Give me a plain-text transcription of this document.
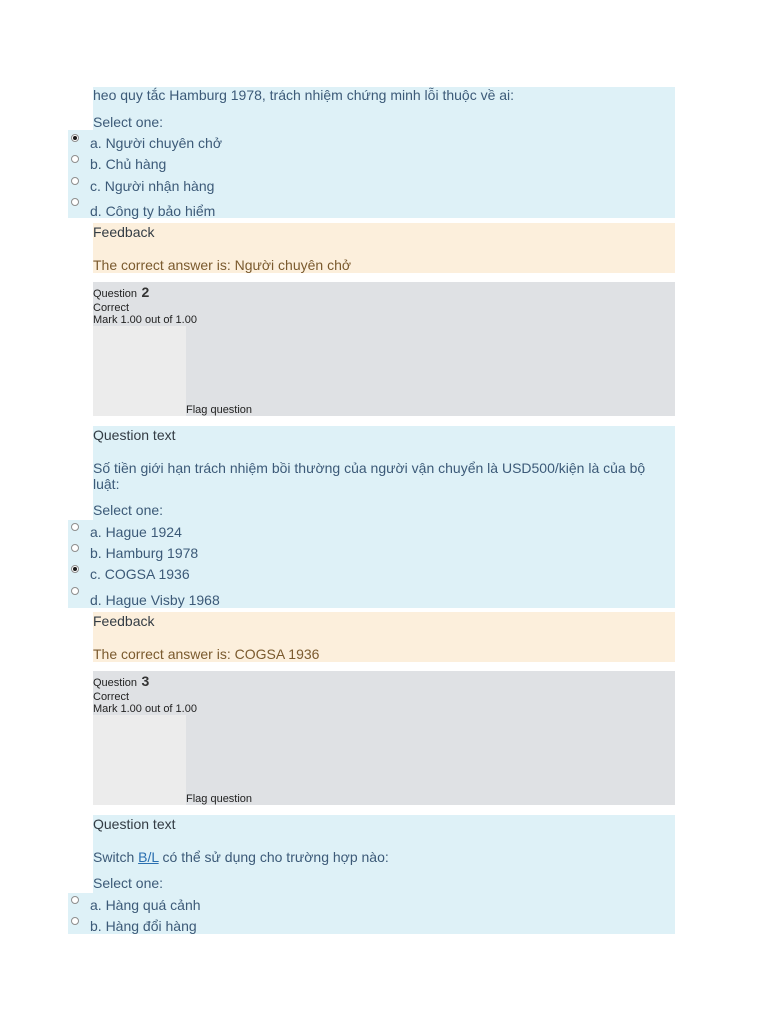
heo quy tắc Hamburg 1978, trách nhiệm chứng minh lỗi thuộc về ai:
Select one:
a. Người chuyên chở
b. Chủ hàng
c. Người nhận hàng
d. Công ty bảo hiểm
Feedback
The correct answer is: Người chuyên chở
Question 2
Correct
Mark 1.00 out of 1.00
Flag question
Question text
Số tiền giới hạn trách nhiệm bồi thường của người vận chuyển là USD500/kiện là của bộ luật:
Select one:
a. Hague 1924
b. Hamburg 1978
c. COGSA 1936
d. Hague Visby 1968
Feedback
The correct answer is: COGSA 1936
Question 3
Correct
Mark 1.00 out of 1.00
Flag question
Question text
Switch B/L có thể sử dụng cho trường hợp nào:
Select one:
a. Hàng quá cảnh
b. Hàng đổi hàng
